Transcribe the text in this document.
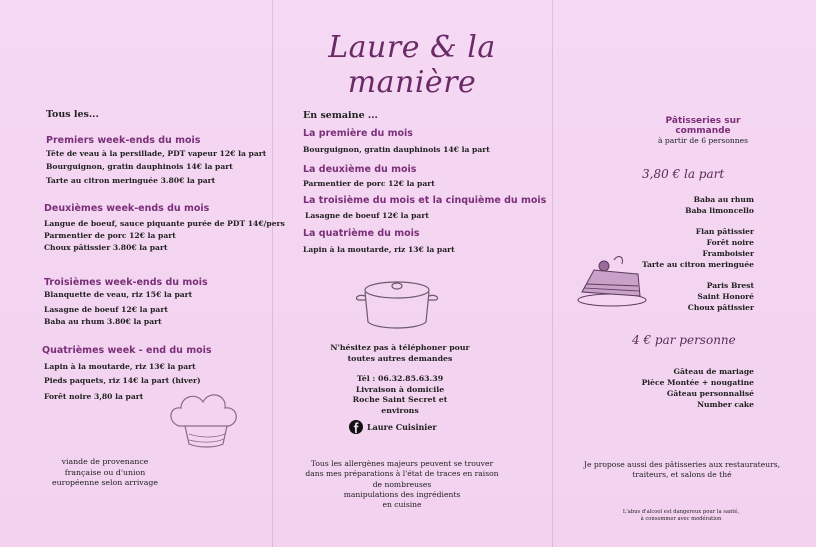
Tous les...
Premiers week-ends du mois
Tête de veau à la persillade, PDT vapeur 12€ la part
Bourguignon, gratin dauphinois 14€ la part
Tarte au citron meringuée 3.80€ la part
Deuxièmes week-ends du mois
Langue de boeuf, sauce piquante purée de PDT 14€/pers
Parmentier de porc 12€ la part
Choux pâtissier 3.80€ la part
Troisièmes week-ends du mois
Blanquette de veau, riz 15€ la part
Lasagne de boeuf 12€ la part
Baba au rhum 3.80€ la part
Quatrièmes week - end du mois
Lapin à la moutarde, riz 13€ la part
Pieds paquets, riz 14€ la part (hiver)
Forêt noire 3,80 la part
viande de provenance
française ou d'union
européenne selon arrivage
Laure & la manière
En semaine ...
La première du mois
Bourguignon, gratin dauphinois 14€ la part
La deuxième du mois
Parmentier de porc 12€ la part
La troisième du mois et la cinquième du mois
Lasagne de boeuf 12€ la part
La quatrième du mois
Lapin à la moutarde, riz 13€ la part
N'hésitez pas à téléphoner pour
toutes autres demandes
Tél : 06.32.85.63.39
Livraison à domicile
Roche Saint Secret et
environs
Laure Cuisinier
Tous les allergènes majeurs peuvent se trouver
dans mes préparations à l'état de traces en raison
de nombreuses
manipulations des ingrédients
en cuisine
Pâtisseries sur commande
à partir de 6 personnes
3,80 € la part
Baba au rhum
Baba limoncello
Flan pâtissier
Forêt noire
Framboisier
Tarte au citron meringuée
Paris Brest
Saint Honoré
Choux pâtissier
4 € par personne
Gâteau de mariage
Pièce Montée + nougatine
Gâteau personnalisé
Number cake
Je propose aussi des pâtisseries aux restaurateurs,
traiteurs, et salons de thé
L'abus d'alcool est dangereux pour la santé,
à consommer avec modération
